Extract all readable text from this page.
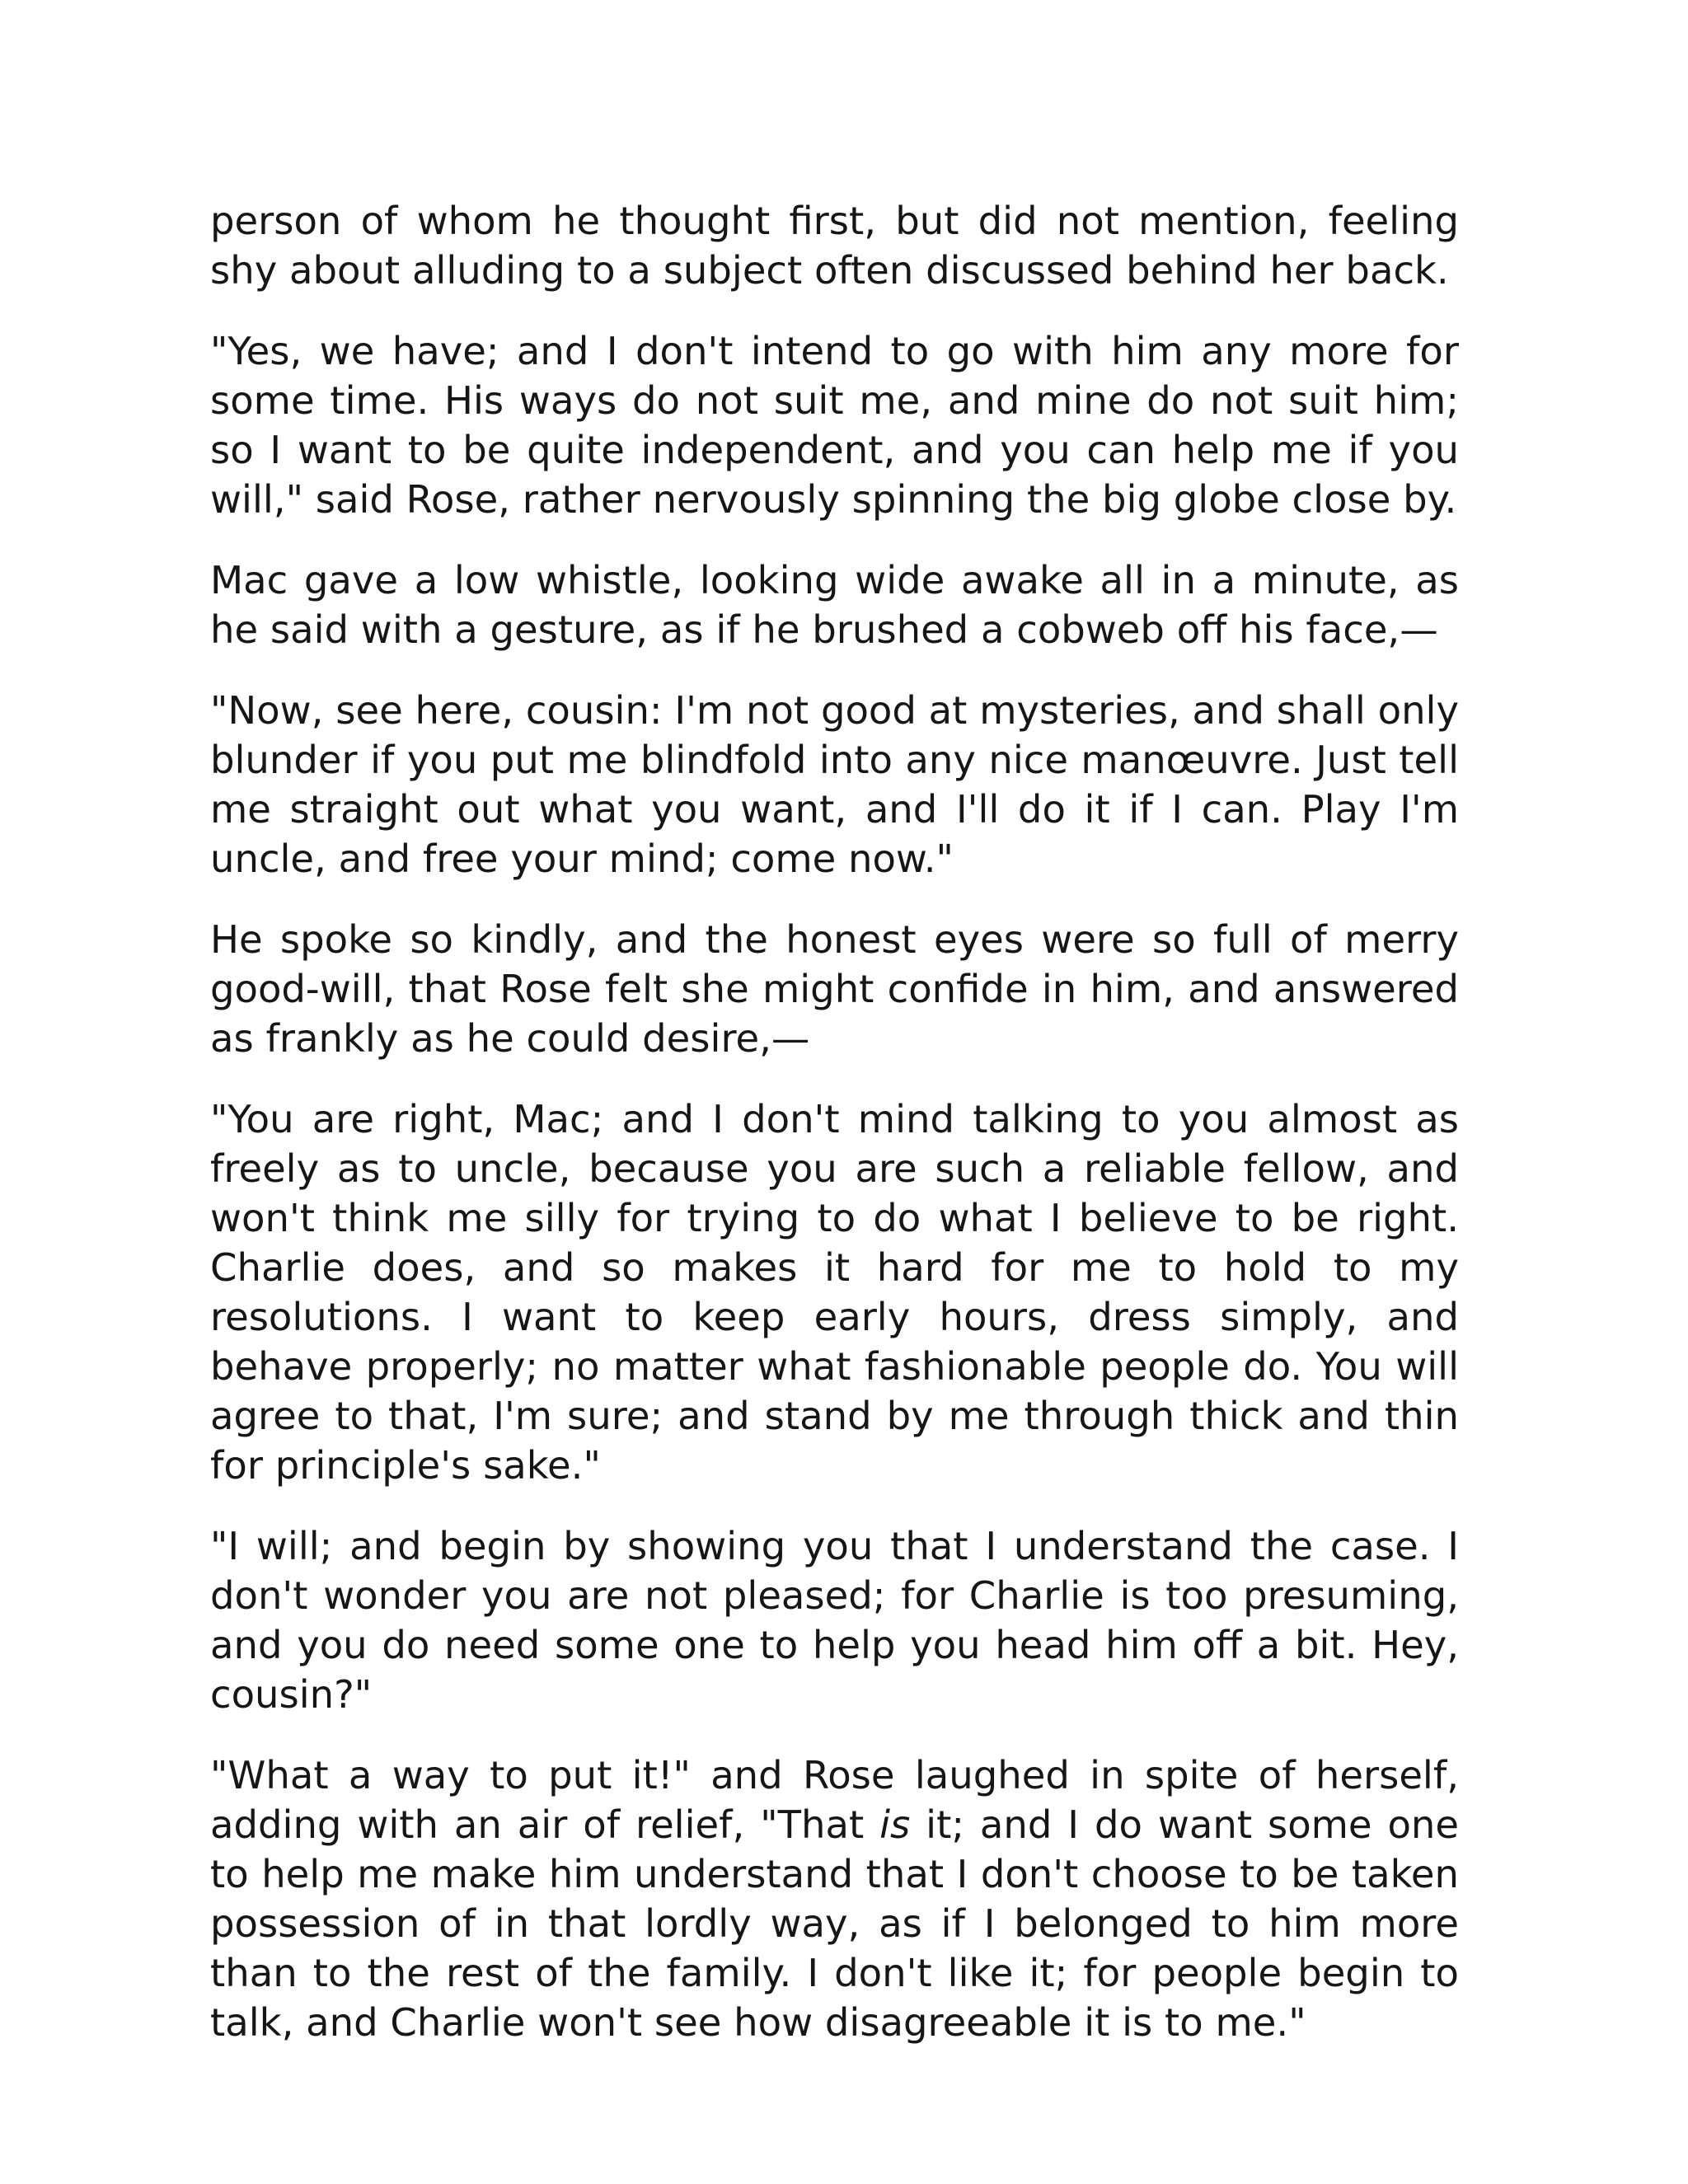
person of whom he thought first, but did not mention, feeling shy about alluding to a subject often discussed behind her back.

"Yes, we have; and I don't intend to go with him any more for some time. His ways do not suit me, and mine do not suit him; so I want to be quite independent, and you can help me if you will," said Rose, rather nervously spinning the big globe close by.

Mac gave a low whistle, looking wide awake all in a minute, as he said with a gesture, as if he brushed a cobweb off his face,—

"Now, see here, cousin: I'm not good at mysteries, and shall only blunder if you put me blindfold into any nice manœuvre. Just tell me straight out what you want, and I'll do it if I can. Play I'm uncle, and free your mind; come now."

He spoke so kindly, and the honest eyes were so full of merry good-will, that Rose felt she might confide in him, and answered as frankly as he could desire,—

"You are right, Mac; and I don't mind talking to you almost as freely as to uncle, because you are such a reliable fellow, and won't think me silly for trying to do what I believe to be right. Charlie does, and so makes it hard for me to hold to my resolutions. I want to keep early hours, dress simply, and behave properly; no matter what fashionable people do. You will agree to that, I'm sure; and stand by me through thick and thin for principle's sake."

"I will; and begin by showing you that I understand the case. I don't wonder you are not pleased; for Charlie is too presuming, and you do need some one to help you head him off a bit. Hey, cousin?"

"What a way to put it!" and Rose laughed in spite of herself, adding with an air of relief, "That is it; and I do want some one to help me make him understand that I don't choose to be taken possession of in that lordly way, as if I belonged to him more than to the rest of the family. I don't like it; for people begin to talk, and Charlie won't see how disagreeable it is to me."
